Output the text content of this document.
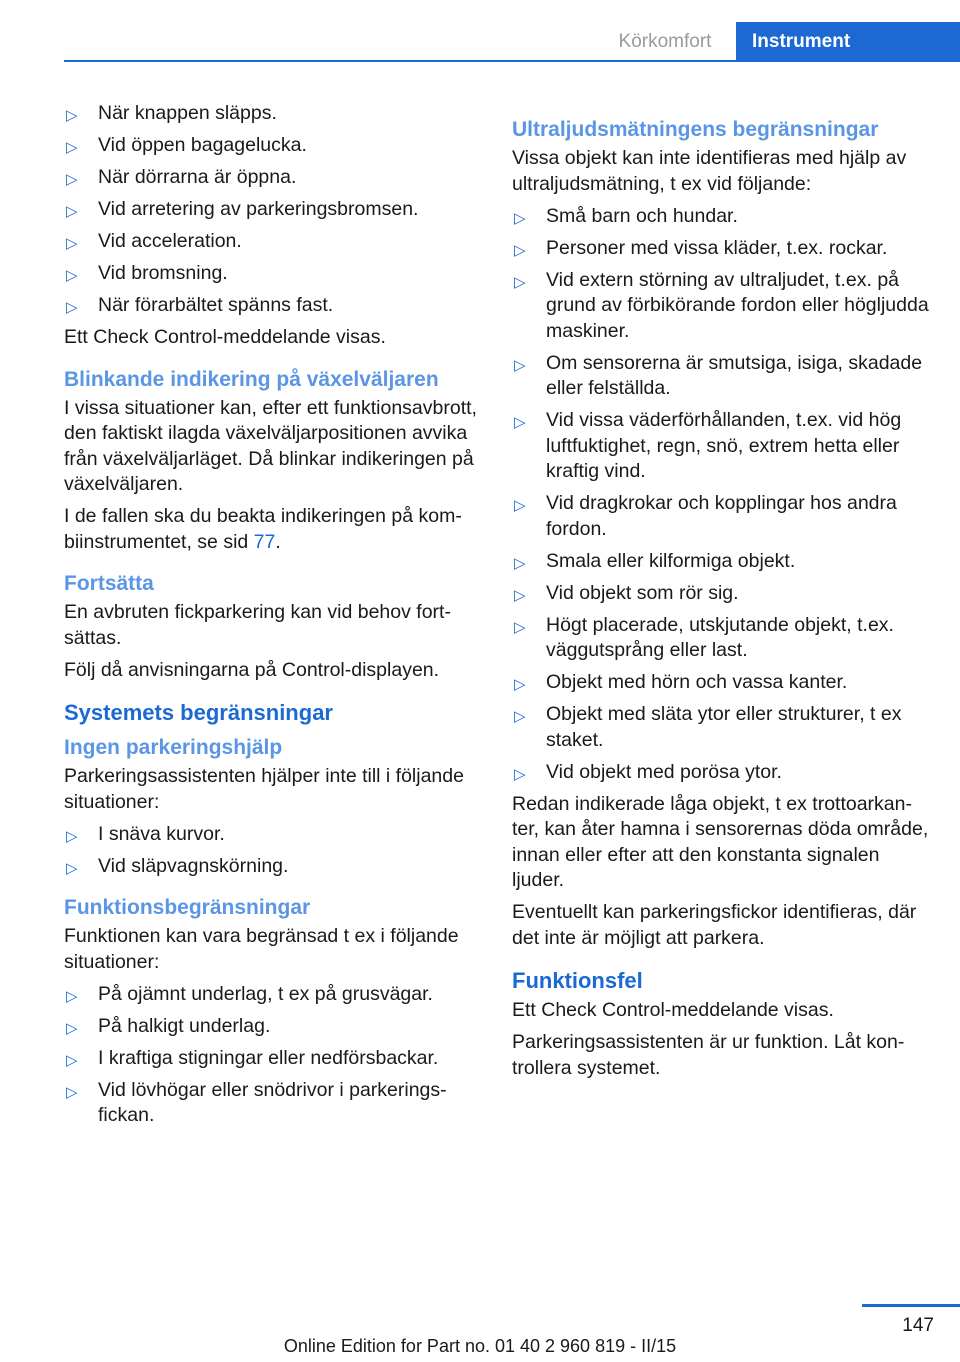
Körkomfort	Instrument
▷ När knappen släpps.
▷ Vid öppen bagagelucka.
▷ När dörrarna är öppna.
▷ Vid arretering av parkeringsbromsen.
▷ Vid acceleration.
▷ Vid bromsning.
▷ När förarbältet spänns fast.

Ett Check Control-meddelande visas.

Blinkande indikering på växelväljaren

I vissa situationer kan, efter ett funktionsavbrott, den faktiskt ilagda växelväljarpositionen avvika från växelväljarläget. Då blinkar indikeringen på växelväljaren.

I de fallen ska du beakta indikeringen på kombiinstrumentet, se sid 77.

Fortsätta

En avbruten fickparkering kan vid behov fortsättas.

Följ då anvisningarna på Control-displayen.

Systemets begränsningar
Ingen parkeringshjälp

Parkeringsassistenten hjälper inte till i följande situationer:

▷ I snäva kurvor.
▷ Vid släpvagnskörning.
Funktionsbegränsningar

Funktionen kan vara begränsad t ex i följande situationer:

▷ På ojämnt underlag, t ex på grusvägar.
▷ På halkigt underlag.
▷ I kraftiga stigningar eller nedförsbackar.
▷ Vid lövhögar eller snödrivor i parkeringsfickan.
Ultraljudsmätningens begränsningar

Vissa objekt kan inte identifieras med hjälp av ultraljudsmätning, t ex vid följande:

▷ Små barn och hundar.
▷ Personer med vissa kläder, t.ex. rockar.
▷ Vid extern störning av ultraljudet, t.ex. på grund av förbikörande fordon eller högljudda maskiner.
▷ Om sensorerna är smutsiga, isiga, skadade eller felställda.
▷ Vid vissa väderförhållanden, t.ex. vid hög luftfuktighet, regn, snö, extrem hetta eller kraftig vind.
▷ Vid dragkrokar och kopplingar hos andra fordon.
▷ Smala eller kilformiga objekt.
▷ Vid objekt som rör sig.
▷ Högt placerade, utskjutande objekt, t.ex. väggutsprång eller last.
▷ Objekt med hörn och vassa kanter.
▷ Objekt med släta ytor eller strukturer, t ex staket.
▷ Vid objekt med porösa ytor.

Redan indikerade låga objekt, t ex trottoarkanter, kan åter hamna i sensorernas döda område, innan eller efter att den konstanta signalen ljuder.

Eventuellt kan parkeringsfickor identifieras, där det inte är möjligt att parkera.

Funktionsfel

Ett Check Control-meddelande visas.

Parkeringsassistenten är ur funktion. Låt kontrollera systemet.

147
Online Edition for Part no. 01 40 2 960 819 - II/15
